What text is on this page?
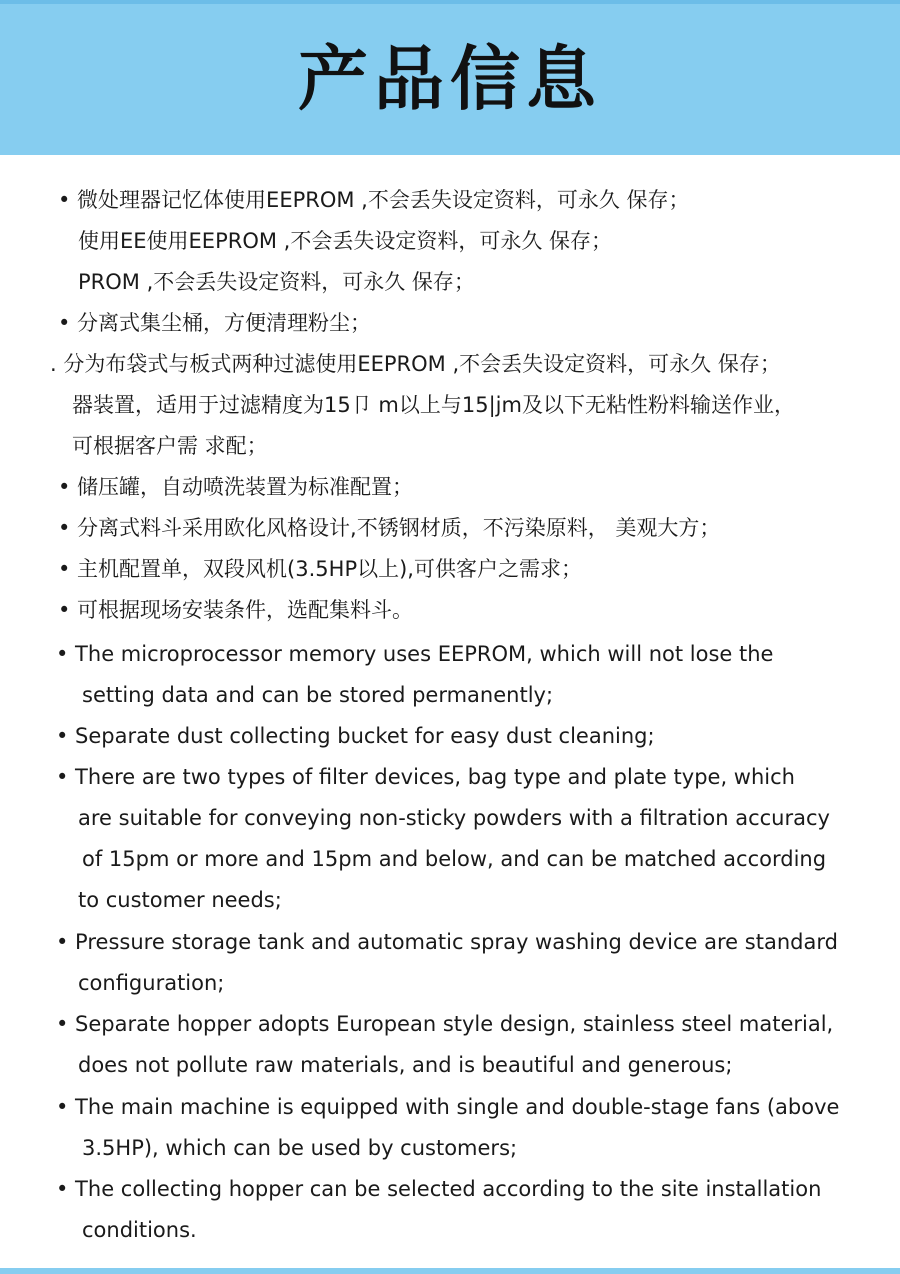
产品信息
• 微处理器记忆体使用EEPROM ,不会丢失设定资料，可永久 保存；
使用EE使用EEPROM ,不会丢失设定资料，可永久 保存；
PROM ,不会丢失设定资料，可永久 保存；
• 分离式集尘桶，方便清理粉尘；
. 分为布袋式与板式两种过滤使用EEPROM ,不会丢失设定资料，可永久 保存；
器装置，适用于过滤精度为15卩 m以上与15|jm及以下无粘性粉料输送作业，
可根据客户需 求配；
• 储压罐，自动喷洗装置为标准配置；
• 分离式料斗采用欧化风格设计,不锈钢材质，不污染原料， 美观大方；
• 主机配置单，双段风机(3.5HP以上),可供客户之需求；
• 可根据现场安装条件，选配集料斗。
• The microprocessor memory uses EEPROM, which will not lose the
setting data and can be stored permanently;
• Separate dust collecting bucket for easy dust cleaning;
• There are two types of filter devices, bag type and plate type, which
are suitable for conveying non-sticky powders with a filtration accuracy
of 15pm or more and 15pm and below, and can be matched according
to customer needs;
• Pressure storage tank and automatic spray washing device are standard
configuration;
• Separate hopper adopts European style design, stainless steel material,
does not pollute raw materials, and is beautiful and generous;
• The main machine is equipped with single and double-stage fans (above
3.5HP), which can be used by customers;
• The collecting hopper can be selected according to the site installation
conditions.
